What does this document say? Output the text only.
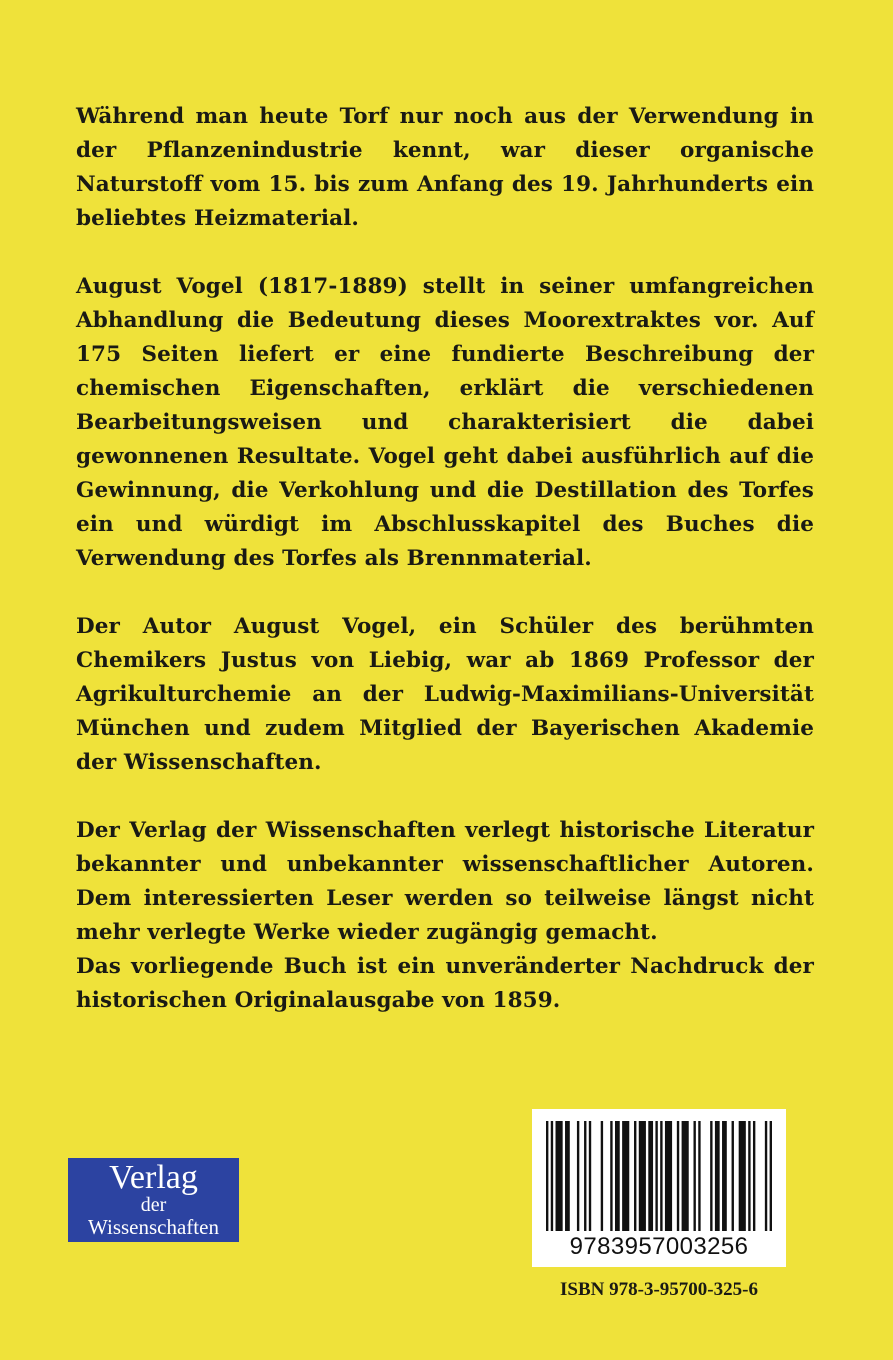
Während man heute Torf nur noch aus der Verwendung in der Pflanzenindustrie kennt, war dieser organische Naturstoff vom 15. bis zum Anfang des 19. Jahrhunderts ein beliebtes Heizmaterial.

August Vogel (1817-1889) stellt in seiner umfangreichen Abhandlung die Bedeutung dieses Moorextraktes vor. Auf 175 Seiten liefert er eine fundierte Beschreibung der chemischen Eigenschaften, erklärt die verschiedenen Bearbeitungsweisen und charakterisiert die dabei gewonnenen Resultate. Vogel geht dabei ausführlich auf die Gewinnung, die Verkohlung und die Destillation des Torfes ein und würdigt im Abschlusskapitel des Buches die Verwendung des Torfes als Brennmaterial.

Der Autor August Vogel, ein Schüler des berühmten Chemikers Justus von Liebig, war ab 1869 Professor der Agrikulturchemie an der Ludwig-Maximilians-Universität München und zudem Mitglied der Bayerischen Akademie der Wissenschaften.

Der Verlag der Wissenschaften verlegt historische Literatur bekannter und unbekannter wissenschaftlicher Autoren. Dem interessierten Leser werden so teilweise längst nicht mehr verlegte Werke wieder zugängig gemacht.

Das vorliegende Buch ist ein unveränderter Nachdruck der historischen Originalausgabe von 1859.

Verlag
der
Wissenschaften
9783957003256
ISBN 978-3-95700-325-6
